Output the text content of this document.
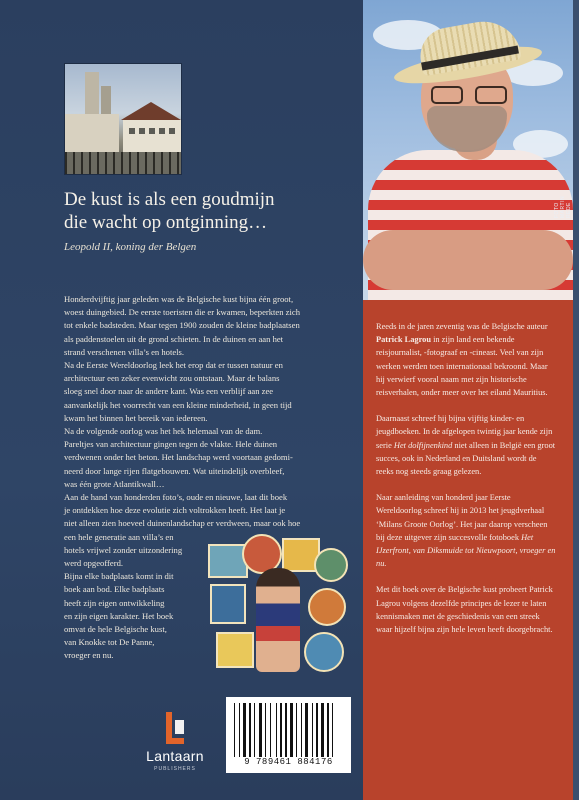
FOTO MARTIN REDE
De kust is als een goudmijn
die wacht op ontginning…
Leopold II, koning der Belgen

Honderdvijftig jaar geleden was de Belgische kust bijna één groot,

woest duingebied. De eerste toeristen die er kwamen, beperkten zich

tot enkele badsteden. Maar tegen 1900 zouden de kleine badplaatsen

als paddenstoelen uit de grond schieten. In de duinen en aan het

strand verschenen villa’s en hotels.

Na de Eerste Wereldoorlog leek het erop dat er tussen natuur en

architectuur een zeker evenwicht zou ontstaan. Maar de balans

sloeg snel door naar de andere kant. Was een verblijf aan zee

aanvankelijk het voorrecht van een kleine minderheid, in geen tijd

kwam het binnen het bereik van iedereen.

Na de volgende oorlog was het hek helemaal van de dam.

Pareltjes van architectuur gingen tegen de vlakte. Hele duinen

verdwenen onder het beton. Het landschap werd voortaan gedomi-

neerd door lange rijen flatgebouwen. Wat uiteindelijk overbleef,

was één grote Atlantikwall…

Aan de hand van honderden foto’s, oude en nieuwe, laat dit boek

je ontdekken hoe deze evolutie zich voltrokken heeft. Het laat je

niet alleen zien hoeveel duinenlandschap er verdween, maar ook hoe

een hele generatie aan villa’s en

hotels vrijwel zonder uitzondering

werd opgeofferd.

Bijna elke badplaats komt in dit

boek aan bod. Elke badplaats

heeft zijn eigen ontwikkeling

en zijn eigen karakter. Het boek

omvat de hele Belgische kust,

van Knokke tot De Panne,

vroeger en nu.

Lantaarn
PUBLISHERS
9 789461 884176

Reeds in de jaren zeventig was de Belgische auteur Patrick Lagrou in zijn land een bekende reisjournalist, -fotograaf en -cineast. Veel van zijn werken werden toen internationaal bekroond. Maar hij verwierf vooral naam met zijn historische reisverhalen, onder meer over het eiland Mauritius.

Daarnaast schreef hij bijna vijftig kinder- en jeugdboeken. In de afgelopen twintig jaar kende zijn serie Het dolfijnenkind niet alleen in België een groot succes, ook in Nederland en Duitsland wordt de reeks nog steeds graag gelezen.

Naar aanleiding van honderd jaar Eerste Wereldoorlog schreef hij in 2013 het jeugdverhaal ‘Milans Groote Oorlog’. Het jaar daarop verscheen bij deze uitgever zijn succesvolle fotoboek Het IJzerfront, van Diksmuide tot Nieuwpoort, vroeger en nu.

Met dit boek over de Belgische kust probeert Patrick Lagrou volgens dezelfde principes de lezer te laten kennismaken met de geschiedenis van een streek waar hijzelf bijna zijn hele leven heeft doorgebracht.
